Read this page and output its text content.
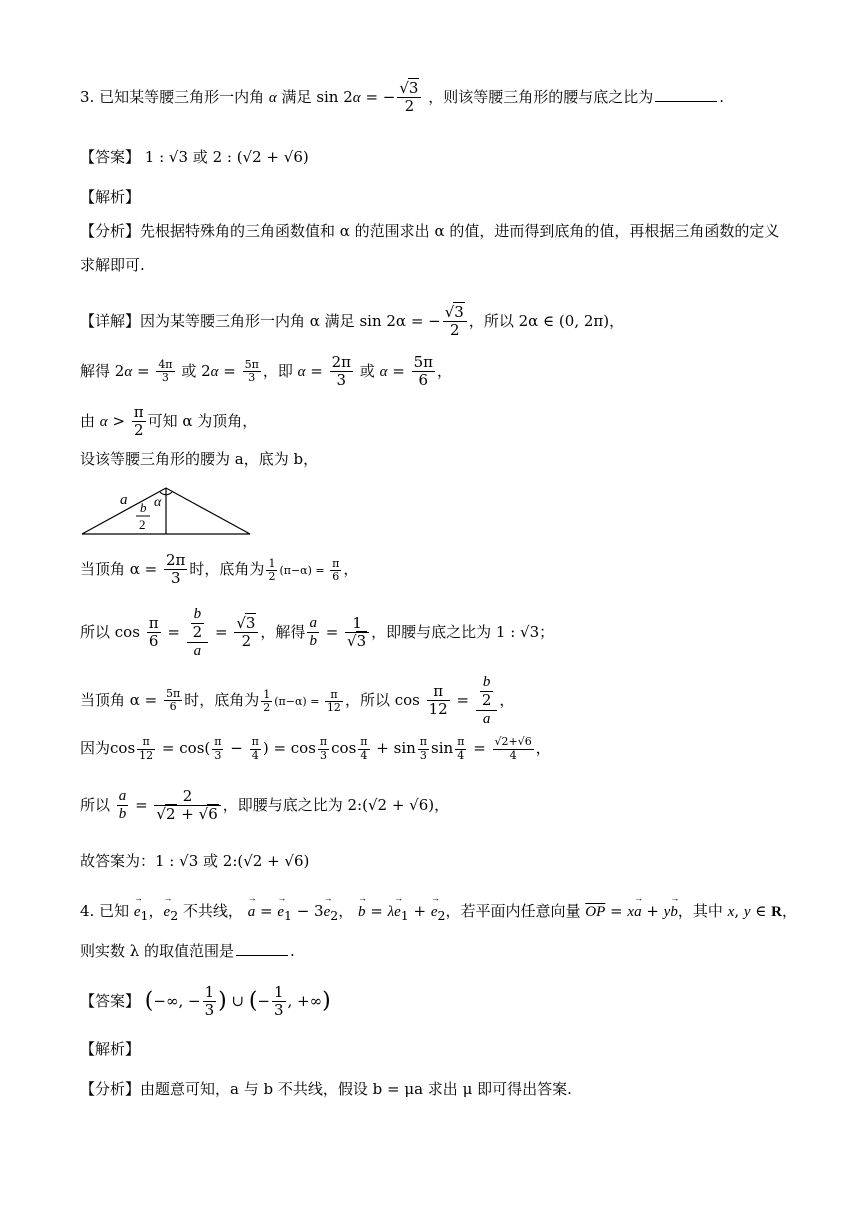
3. 已知某等腰三角形一内角 α 满足 sin 2α = − $\frac{√3}{2}$ ，则该等腰三角形的腰与底之比为	.
【答案】 1 : √3 或 2 : (√2 + √6)
【解析】
【分析】先根据特殊角的三角函数值和 α 的范围求出 α 的值，进而得到底角的值，再根据三角函数的定义
求解即可.
【详解】因为某等腰三角形一内角 α 满足 sin 2α = − $\frac{√3}{2}$ ，所以 2α ∈ (0, 2π)，
解得 $2\alpha = \frac{4\pi}{3}$ 或 $2\alpha = \frac{5\pi}{3}$ ，即 $\alpha = \frac{2\pi}{3}$ 或 $\alpha = \frac{5\pi}{6}$ ，
由 $\alpha > \frac{\pi}{2}$ 可知 α 为顶角，
设该等腰三角形的腰为 a，底为 b，
a α
b
2
当顶角 $\alpha = \frac{2\pi}{3}$ 时，底角为 $\frac{1}{2} (\pi-\alpha) = \frac{\pi}{6}$ ，
所以 $\cos \frac{\pi}{6} = \frac{\frac{b}{2}}{a} = \frac{√3}{2}$ ，解得 $\frac{a}{b} = \frac{1}{√3}$ ，即腰与底之比为 1 : √3；
当顶角 $\alpha = \frac{5\pi}{6}$ 时，底角为 $\frac{1}{2} (\pi-\alpha) = \frac{\pi}{12}$ ，所以 $\cos \frac{\pi}{12} = \frac{\frac{b}{2}}{a}$ ，
因为$\cos \frac{\pi}{12} = \cos( \frac{\pi}{3} - \frac{\pi}{4}$ ) = $\cos \frac{\pi}{3}$ $\cos \frac{\pi}{4} + \sin \frac{\pi}{3}$ $\sin \frac{\pi}{4} = \frac{√2+√6}{4}$ ，
所以 $\frac{a}{b} = \frac{2}{√2 + √6}$ ，即腰与底之比为 2:(√2 + √6)，
故答案为：1 : √3 或 2:(√2 + √6)
4. 已知 → $e_1$，→ $e_2$ 不共线， → a = → $e_1 - 3\to e_2$， → $b = \lambda\to e_1$ + → $e_2$，若平面内任意向量 $\overline{OP} = x\to a + y\to b$，其中 x, y ∈ R，
则实数 λ 的取值范围是	.
【答案】 (−∞, − $\frac{1}{3}$ ) ∪ (− $\frac{1}{3}$ , +∞)
【解析】
【分析】由题意可知，a 与 b 不共线，假设 b = μa 求出 μ 即可得出答案.
